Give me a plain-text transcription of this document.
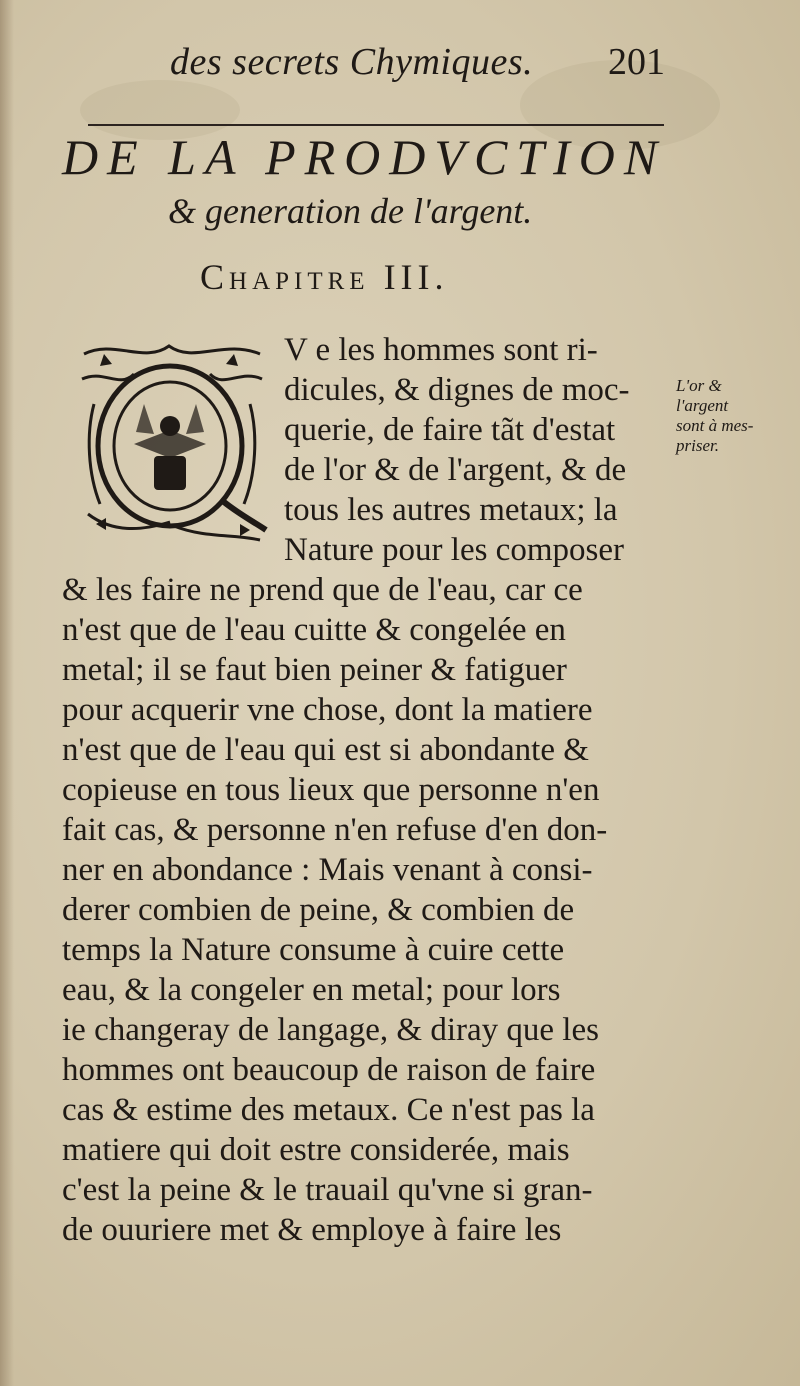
des secrets Chymiques. 201
DE LA PRODVCTION
& generation de l'argent.
Chapitre III.
V e les hommes sont ri-
dicules, & dignes de moc-
querie, de faire tãt d'estat
de l'or & de l'argent, & de
tous les autres metaux; la
Nature pour les composer
& les faire ne prend que de l'eau, car ce
n'est que de l'eau cuitte & congelée en
metal; il se faut bien peiner & fatiguer
pour acquerir vne chose, dont la matiere
n'est que de l'eau qui est si abondante &
copieuse en tous lieux que personne n'en
fait cas, & personne n'en refuse d'en don-
ner en abondance : Mais venant à consi-
derer combien de peine, & combien de
temps la Nature consume à cuire cette
eau, & la congeler en metal; pour lors
ie changeray de langage, & diray que les
hommes ont beaucoup de raison de faire
cas & estime des metaux. Ce n'est pas la
matiere qui doit estre considerée, mais
c'est la peine & le trauail qu'vne si gran-
de ouuriere met & employe à faire les
L'or &
l'argent
sont à mes-
priser.
